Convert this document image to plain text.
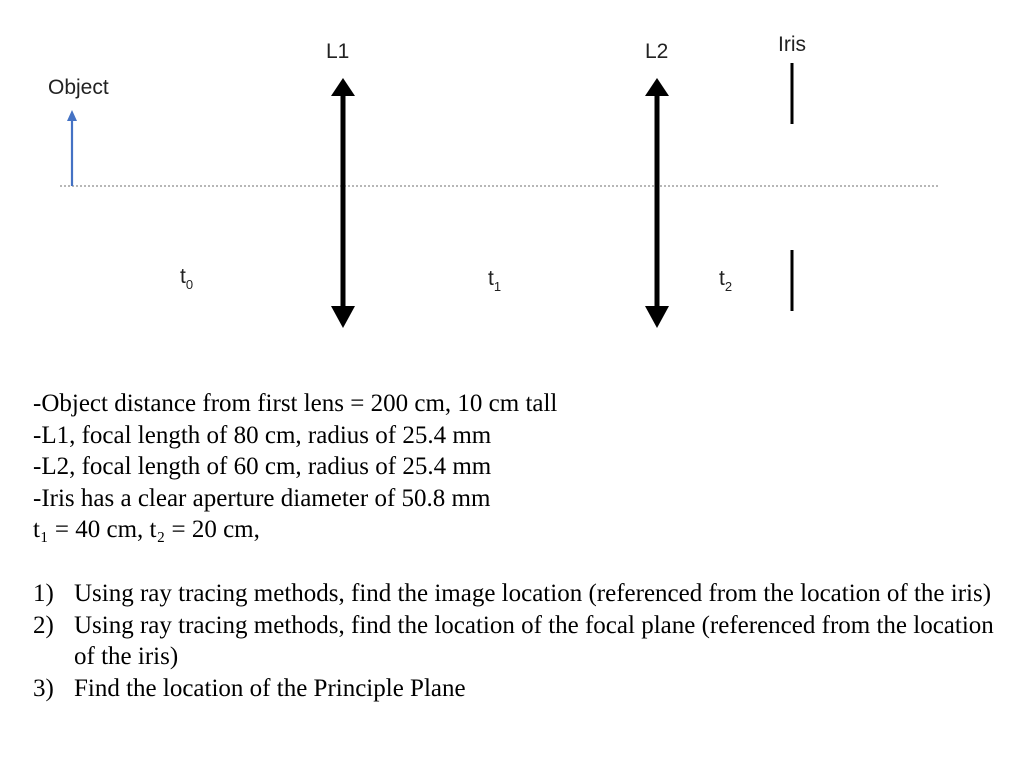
Object
L1	L2	Iris
$t_0$	$t_1$	$t_2$
-Object distance from first lens = 200 cm, 10 cm tall
-L1, focal length of 80 cm, radius of 25.4 mm
-L2, focal length of 60 cm, radius of 25.4 mm
-Iris has a clear aperture diameter of 50.8 mm
t₁ = 40 cm, t₂ = 20 cm,
1) Using ray tracing methods, find the image location (referenced from the location of the iris)
2) Using ray tracing methods, find the location of the focal plane (referenced from the location of the iris)
3) Find the location of the Principle Plane
